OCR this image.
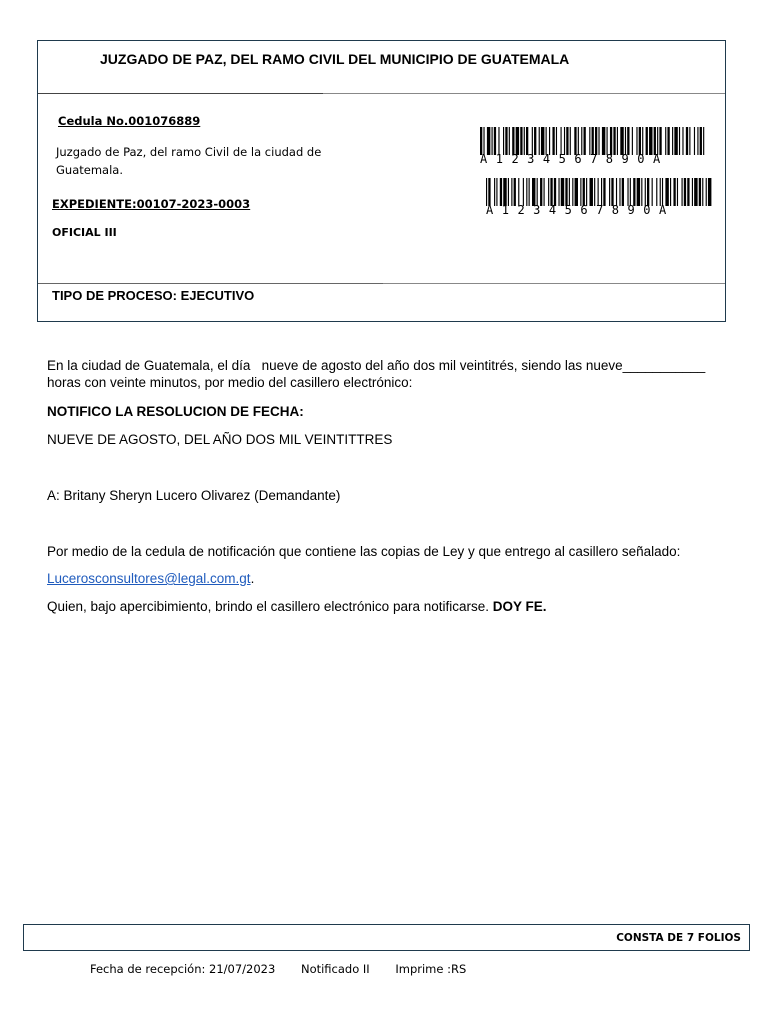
JUZGADO DE PAZ, DEL RAMO CIVIL DEL MUNICIPIO DE GUATEMALA
Cedula No.001076889
Juzgado de Paz, del ramo Civil de la ciudad de
Guatemala.
EXPEDIENTE:00107-2023-0003
OFICIAL III
A1234567890A
A1234567890A
TIPO DE PROCESO: EJECUTIVO
En la ciudad de Guatemala, el día nueve de agosto del año dos mil veintitrés, siendo las nueve___________
horas con veinte minutos, por medio del casillero electrónico:
NOTIFICO LA RESOLUCION DE FECHA:
NUEVE DE AGOSTO, DEL AÑO DOS MIL VEINTITTRES
A: Britany Sheryn Lucero Olivarez (Demandante)
Por medio de la cedula de notificación que contiene las copias de Ley y que entrego al casillero señalado:
Lucerosconsultores@legal.com.gt.
Quien, bajo apercibimiento, brindo el casillero electrónico para notificarse. DOY FE.
CONSTA DE 7 FOLIOS
Fecha de recepción: 21/07/2023 Notificado II Imprime :RS
